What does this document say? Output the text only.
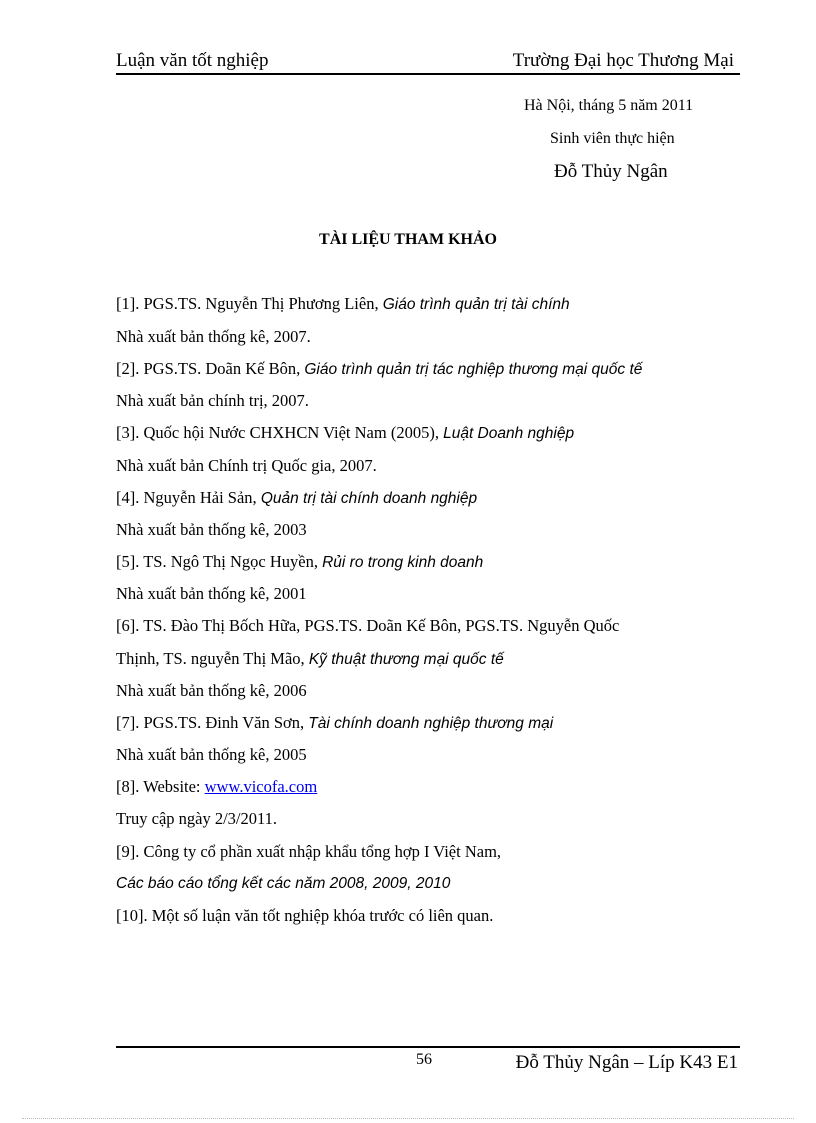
Luận văn tốt nghiệp	Trường Đại học Thương Mại
Hà Nội, tháng 5 năm 2011
Sinh viên thực hiện
Đỗ Thủy Ngân
TÀI LIỆU THAM KHẢO
[1]. PGS.TS. Nguyễn Thị Phương Liên, Giáo trình quản trị tài chính
Nhà xuất bản thống kê, 2007.
[2]. PGS.TS. Doãn Kế Bôn, Giáo trình quản trị tác nghiệp thương mại quốc tế
Nhà xuất bản chính trị, 2007.
[3]. Quốc hội Nước CHXHCN Việt Nam (2005), Luật Doanh nghiệp
Nhà xuất bản Chính trị Quốc gia, 2007.
[4]. Nguyễn Hải Sản, Quản trị tài chính doanh nghiệp
Nhà xuất bản thống kê, 2003
[5]. TS. Ngô Thị Ngọc Huyền, Rủi ro trong kinh doanh
Nhà xuất bản thống kê, 2001
[6]. TS. Đào Thị Bốch Hữa, PGS.TS. Doãn Kế Bôn, PGS.TS. Nguyễn Quốc
Thịnh, TS. nguyễn Thị Mão, Kỹ thuật thương mại quốc tế
Nhà xuất bản thống kê, 2006
[7]. PGS.TS. Đinh Văn Sơn, Tài chính doanh nghiệp thương mại
Nhà xuất bản thống kê, 2005
[8]. Website: www.vicofa.com
Truy cập ngày 2/3/2011.
[9]. Công ty cổ phần xuất nhập khẩu tổng hợp I Việt Nam,
Các báo cáo tổng kết các năm 2008, 2009, 2010
[10]. Một số luận văn tốt nghiệp khóa trước có liên quan.
56	Đỗ Thủy Ngân – Líp K43 E1
